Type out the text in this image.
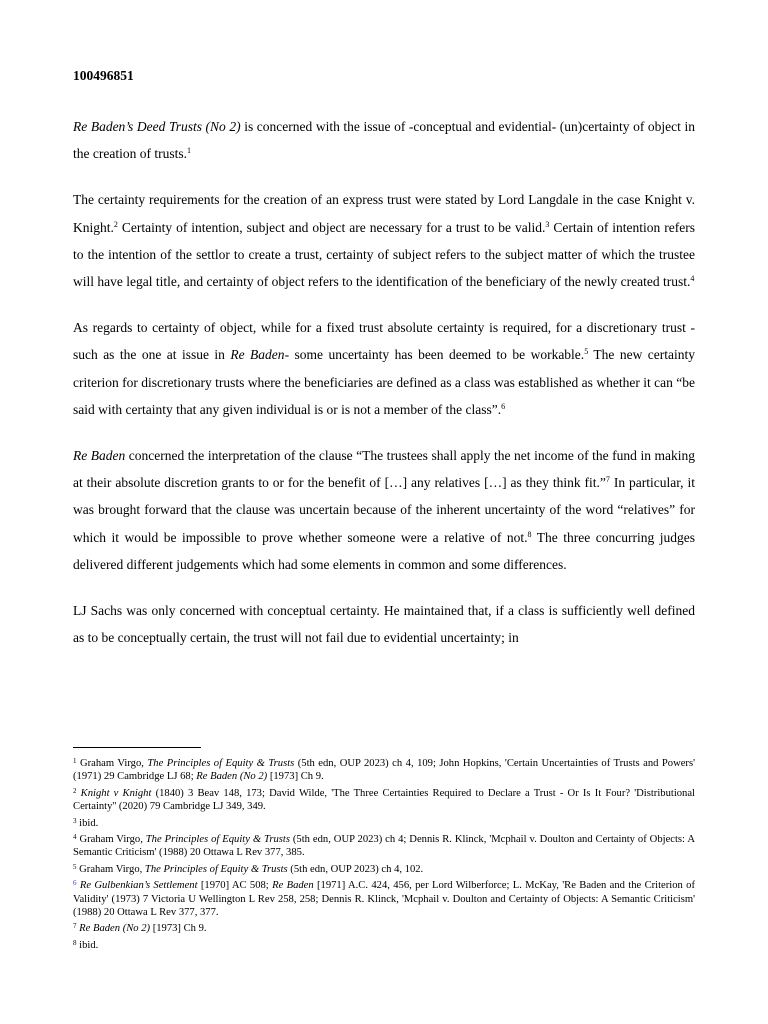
100496851

Re Baden’s Deed Trusts (No 2) is concerned with the issue of -conceptual and evidential- (un)certainty of object in the creation of trusts.$^1$

The certainty requirements for the creation of an express trust were stated by Lord Langdale in the case Knight v. Knight.$^2$ Certainty of intention, subject and object are necessary for a trust to be valid.$^3$ Certain of intention refers to the intention of the settlor to create a trust, certainty of subject refers to the subject matter of which the trustee will have legal title, and certainty of object refers to the identification of the beneficiary of the newly created trust.$^4$

As regards to certainty of object, while for a fixed trust absolute certainty is required, for a discretionary trust -such as the one at issue in Re Baden- some uncertainty has been deemed to be workable.$^5$ The new certainty criterion for discretionary trusts where the beneficiaries are defined as a class was established as whether it can “be said with certainty that any given individual is or is not a member of the class”.$^6$

Re Baden concerned the interpretation of the clause “The trustees shall apply the net income of the fund in making at their absolute discretion grants to or for the benefit of […] any relatives […] as they think fit.”$^7$ In particular, it was brought forward that the clause was uncertain because of the inherent uncertainty of the word “relatives” for which it would be impossible to prove whether someone were a relative of not.$^8$ The three concurring judges delivered different judgements which had some elements in common and some differences.

LJ Sachs was only concerned with conceptual certainty. He maintained that, if a class is sufficiently well defined as to be conceptually certain, the trust will not fail due to evidential uncertainty; in

$^1$ Graham Virgo, The Principles of Equity & Trusts (5th edn, OUP 2023) ch 4, 109; John Hopkins, 'Certain Uncertainties of Trusts and Powers' (1971) 29 Cambridge LJ 68; Re Baden (No 2) [1973] Ch 9.
$^2$ Knight v Knight (1840) 3 Beav 148, 173; David Wilde, 'The Three Certainties Required to Declare a Trust - Or Is It Four? 'Distributional Certainty'' (2020) 79 Cambridge LJ 349, 349.
$^3$ ibid.
$^4$ Graham Virgo, The Principles of Equity & Trusts (5th edn, OUP 2023) ch 4; Dennis R. Klinck, 'Mcphail v. Doulton and Certainty of Objects: A Semantic Criticism' (1988) 20 Ottawa L Rev 377, 385.
$^5$ Graham Virgo, The Principles of Equity & Trusts (5th edn, OUP 2023) ch 4, 102.
$^6$ Re Gulbenkian’s Settlement [1970] AC 508; Re Baden [1971] A.C. 424, 456, per Lord Wilberforce; L. McKay, 'Re Baden and the Criterion of Validity' (1973) 7 Victoria U Wellington L Rev 258, 258; Dennis R. Klinck, 'Mcphail v. Doulton and Certainty of Objects: A Semantic Criticism' (1988) 20 Ottawa L Rev 377, 377.
$^7$ Re Baden (No 2) [1973] Ch 9.
$^8$ ibid.
